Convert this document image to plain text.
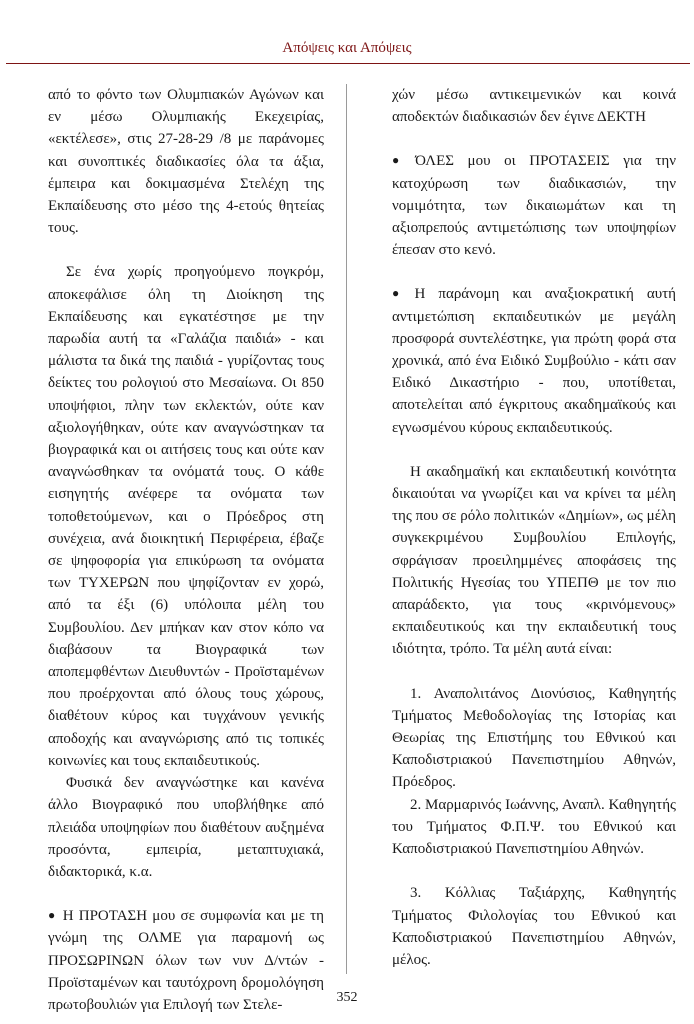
Απόψεις και Απόψεις

από το φόντο των Ολυμπιακών Αγώνων και εν μέσω Ολυμπιακής Εκεχειρίας, «εκτέλεσε», στις 27-28-29 /8 με παράνομες και συνοπτικές διαδικασίες όλα τα άξια, έμπειρα και δοκιμασμένα Στελέχη της Εκπαίδευσης στο μέσο της 4-ετούς θητείας τους.

Σε ένα χωρίς προηγούμενο πογκρόμ, αποκεφάλισε όλη τη Διοίκηση της Εκπαίδευσης και εγκατέστησε με την παρωδία αυτή τα «Γαλάζια παιδιά» - και μάλιστα τα δικά της παιδιά - γυρίζοντας τους δείκτες του ρολογιού στο Μεσαίωνα. Οι 850 υποψήφιοι, πλην των εκλεκτών, ούτε καν αξιολογήθηκαν, ούτε καν αναγνώστηκαν τα βιογραφικά και οι αιτήσεις τους και ούτε καν αναγνώσθηκαν τα ονόματά τους. Ο κάθε εισηγητής ανέφερε τα ονόματα των τοποθετούμενων, και ο Πρόεδρος στη συνέχεια, ανά διοικητική Περιφέρεια, έβαζε σε ψηφοφορία για επικύρωση τα ονόματα των ΤΥΧΕΡΩΝ που ψηφίζονταν εν χορώ, από τα έξι (6) υπόλοιπα μέλη του Συμβουλίου. Δεν μπήκαν καν στον κόπο να διαβάσουν τα Βιογραφικά των αποπεμφθέντων Διευθυντών - Προϊσταμένων που προέρχονται από όλους τους χώρους, διαθέτουν κύρος και τυγχάνουν γενικής αποδοχής και αναγνώρισης από τις τοπικές κοινωνίες και τους εκπαιδευτικούς.

Φυσικά δεν αναγνώστηκε και κανένα άλλο Βιογραφικό που υποβλήθηκε από πλειάδα υποψηφίων που διαθέτουν αυξημένα προσόντα, εμπειρία, μεταπτυχιακά, διδακτορικά, κ.α.

● Η ΠΡΟΤΑΣΗ μου σε συμφωνία και με τη γνώμη της ΟΛΜΕ για παραμονή ως ΠΡΟΣΩΡΙΝΩΝ όλων των νυν Δ/ντών - Προϊσταμένων και ταυτόχρονη δρομολόγηση πρωτοβουλιών για Επιλογή των Στελε-

χών μέσω αντικειμενικών και κοινά αποδεκτών διαδικασιών δεν έγινε ΔΕΚΤΗ

● ΌΛΕΣ μου οι ΠΡΟΤΑΣΕΙΣ για την κατοχύρωση των διαδικασιών, την νομιμότητα, των δικαιωμάτων και τη αξιοπρεπούς αντιμετώπισης των υποψηφίων έπεσαν στο κενό.

● Η παράνομη και αναξιοκρατική αυτή αντιμετώπιση εκπαιδευτικών με μεγάλη προσφορά συντελέστηκε, για πρώτη φορά στα χρονικά, από ένα Ειδικό Συμβούλιο - κάτι σαν Ειδικό Δικαστήριο - που, υποτίθεται, αποτελείται από έγκριτους ακαδημαϊκούς και εγνωσμένου κύρους εκπαιδευτικούς.

Η ακαδημαϊκή και εκπαιδευτική κοινότητα δικαιούται να γνωρίζει και να κρίνει τα μέλη της που σε ρόλο πολιτικών «Δημίων», ως μέλη συγκεκριμένου Συμβουλίου Επιλογής, σφράγισαν προειλημμένες αποφάσεις της Πολιτικής Ηγεσίας του ΥΠΕΠΘ με τον πιο απαράδεκτο, για τους «κρινόμενους» εκπαιδευτικούς και την εκπαιδευτική τους ιδιότητα, τρόπο. Τα μέλη αυτά είναι:

1. Αναπολιτάνος Διονύσιος, Καθηγητής Τμήματος Μεθοδολογίας της Ιστορίας και Θεωρίας της Επιστήμης του Εθνικού και Καποδιστριακού Πανεπιστημίου Αθηνών, Πρόεδρος.

2. Μαρμαρινός Ιωάννης, Αναπλ. Καθηγητής του Τμήματος Φ.Π.Ψ. του Εθνικού και Καποδιστριακού Πανεπιστημίου Αθηνών.

3. Κόλλιας Ταξιάρχης, Καθηγητής Τμήματος Φιλολογίας του Εθνικού και Καποδιστριακού Πανεπιστημίου Αθηνών, μέλος.

352
